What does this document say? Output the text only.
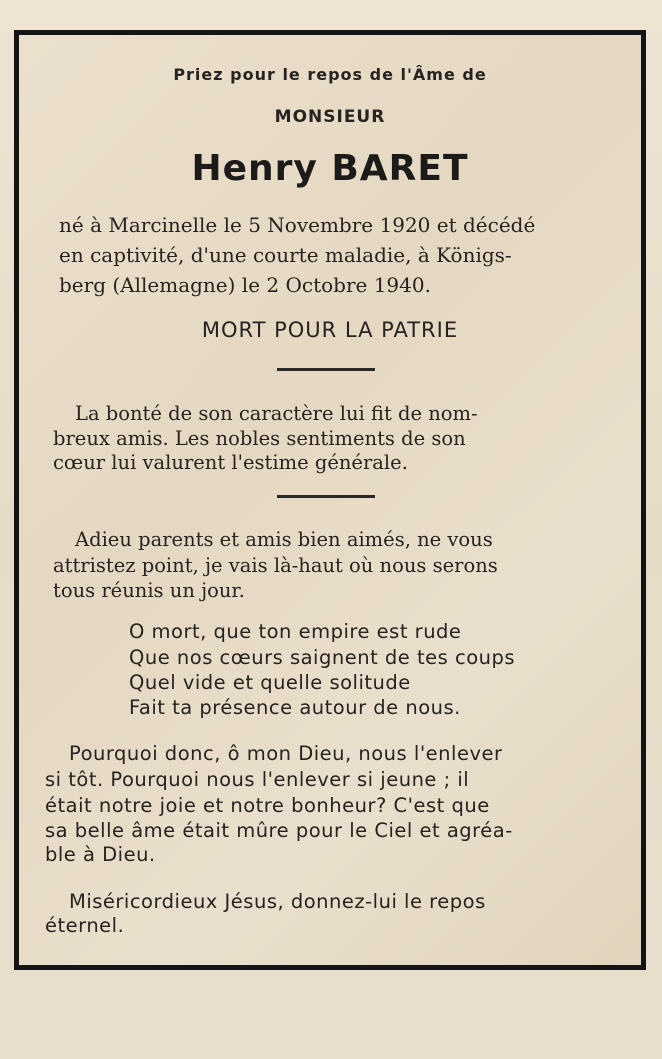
Priez pour le repos de l'Âme de
MONSIEUR
Henry BARET
né à Marcinelle le 5 Novembre 1920 et décédé
en captivité, d'une courte maladie, à Königs-
berg (Allemagne) le 2 Octobre 1940.
MORT POUR LA PATRIE
La bonté de son caractère lui fit de nom-
breux amis. Les nobles sentiments de son
cœur lui valurent l'estime générale.
Adieu parents et amis bien aimés, ne vous
attristez point, je vais là-haut où nous serons
tous réunis un jour.
O mort, que ton empire est rude
Que nos cœurs saignent de tes coups
Quel vide et quelle solitude
Fait ta présence autour de nous.
Pourquoi donc, ô mon Dieu, nous l'enlever
si tôt. Pourquoi nous l'enlever si jeune ; il
était notre joie et notre bonheur? C'est que
sa belle âme était mûre pour le Ciel et agréa-
ble à Dieu.
Miséricordieux Jésus, donnez-lui le repos
éternel.
